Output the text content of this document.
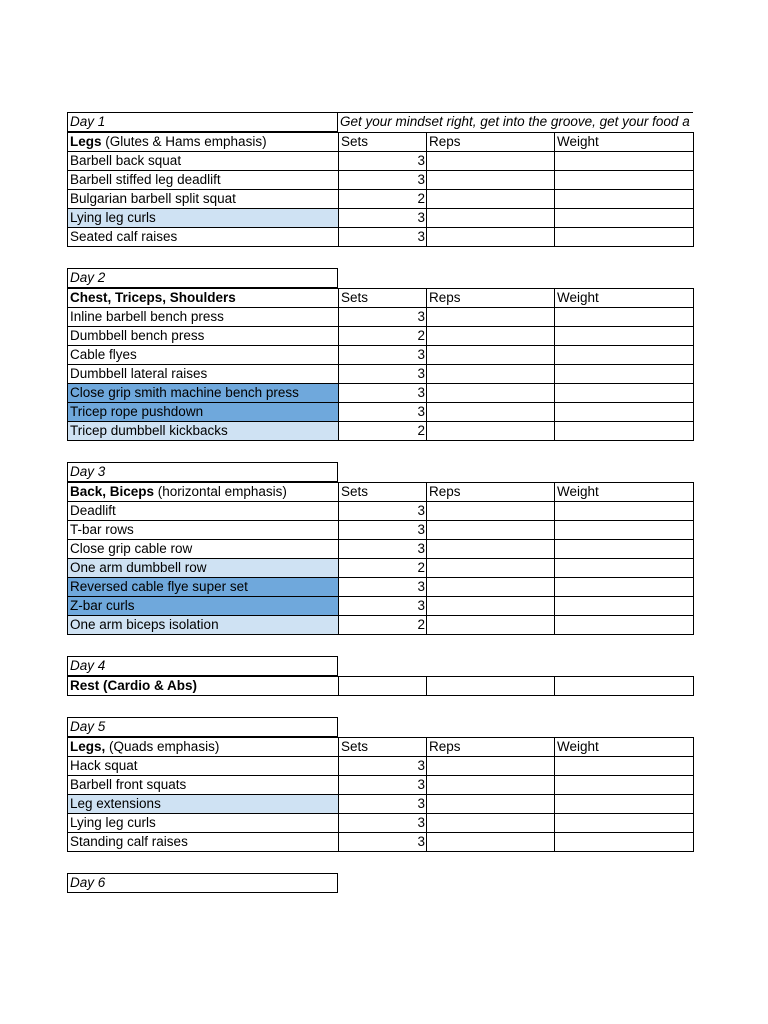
Day 1	Get your mindset right, get into the groove, get your food a
Legs (Glutes & Hams emphasis)	Sets	Reps	Weight
Barbell back squat	3		
Barbell stiffed leg deadlift	3		
Bulgarian barbell split squat	2		
Lying leg curls	3		
Seated calf raises	3		
Day 2
Chest, Triceps, Shoulders	Sets	Reps	Weight
Inline barbell bench press	3		
Dumbbell bench press	2		
Cable flyes	3		
Dumbbell lateral raises	3		
Close grip smith machine bench press	3		
Tricep rope pushdown	3		
Tricep dumbbell kickbacks	2		
Day 3
Back, Biceps (horizontal emphasis)	Sets	Reps	Weight
Deadlift	3		
T-bar rows	3		
Close grip cable row	3		
One arm dumbbell row	2		
Reversed cable flye super set	3		
Z-bar curls	3		
One arm biceps isolation	2		
Day 4
Rest (Cardio & Abs)			
Day 5
Legs, (Quads emphasis)	Sets	Reps	Weight
Hack squat	3		
Barbell front squats	3		
Leg extensions	3		
Lying leg curls	3		
Standing calf raises	3		
Day 6
